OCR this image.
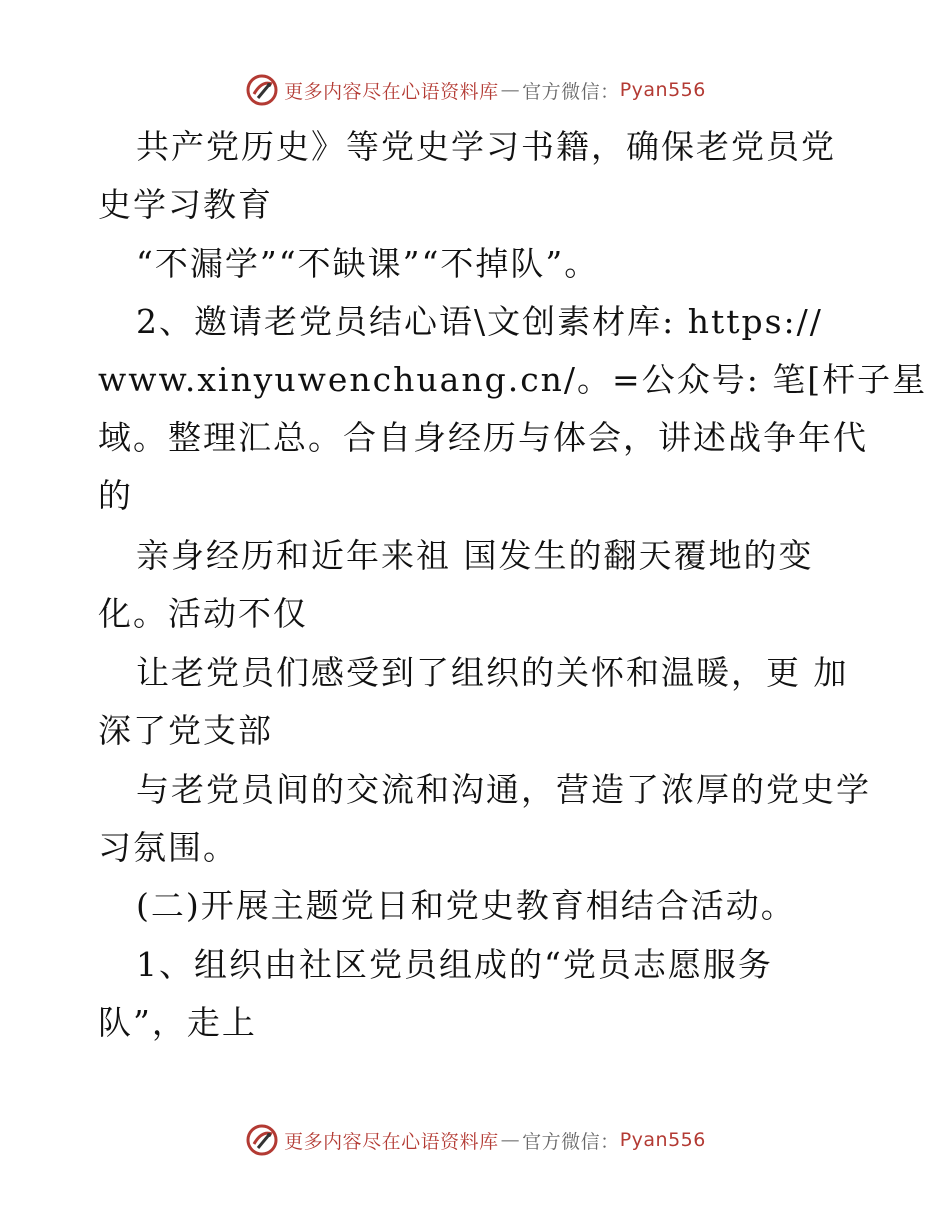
更多内容尽在心语资料库 — 官方微信： Pyan556
共产党历史》等党史学习书籍，确保老党员党
史学习教育
“不漏学”“不缺课”“不掉队”。
2、邀请老党员结心语\文创素材库: https://
www.xinyuwenchuang.cn/。=公众号: 笔[杆子星
域。整理汇总。合自身经历与体会，讲述战争年代
的
亲身经历和近年来祖 国发生的翻天覆地的变
化。活动不仅
让老党员们感受到了组织的关怀和温暖，更 加
深了党支部
与老党员间的交流和沟通，营造了浓厚的党史学
习氛围。
(二)开展主题党日和党史教育相结合活动。
1、组织由社区党员组成的“党员志愿服务
队”，走上
更多内容尽在心语资料库 — 官方微信： Pyan556
